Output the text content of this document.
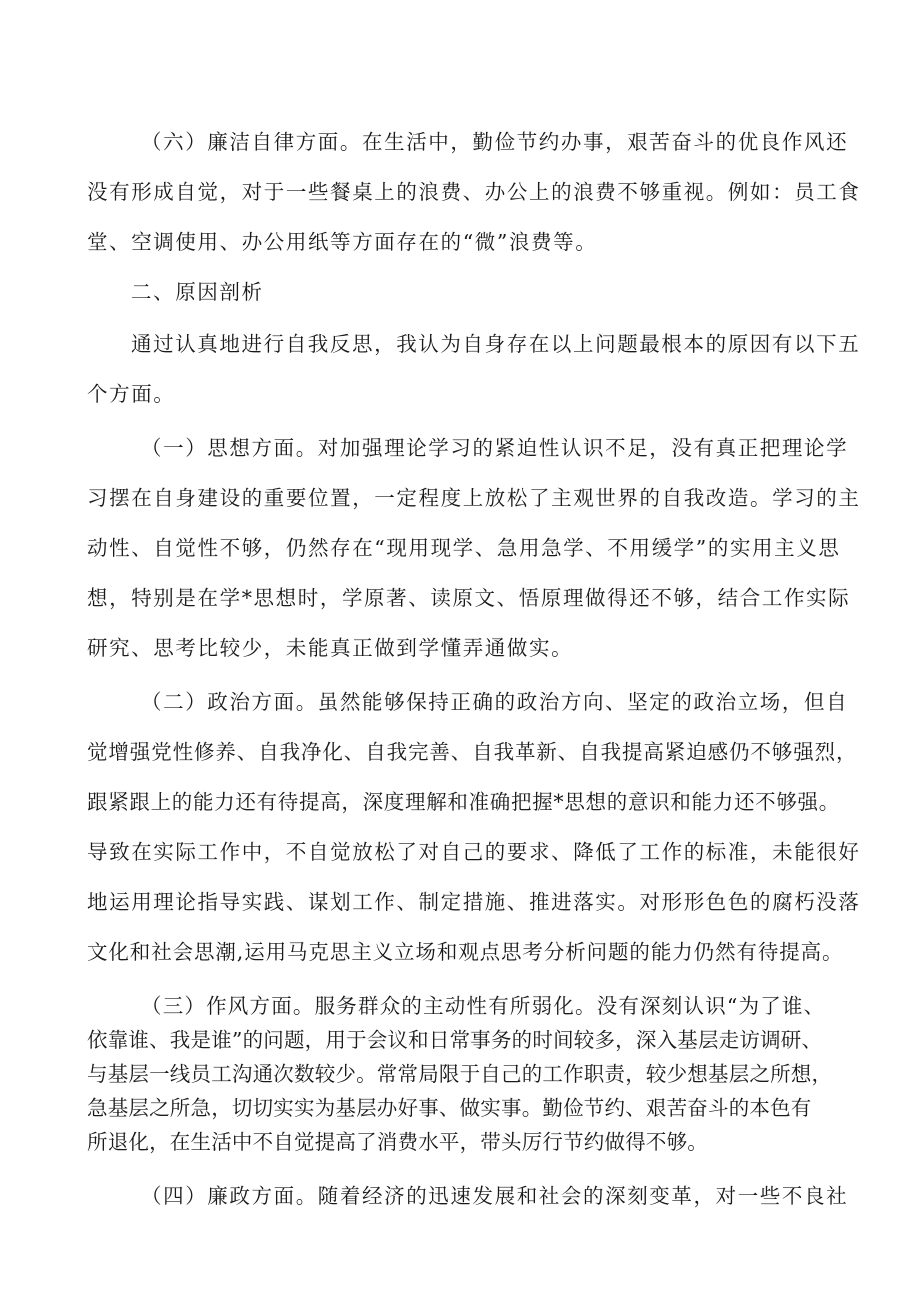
（六）廉洁自律方面。在生活中，勤俭节约办事，艰苦奋斗的优良作风还
没有形成自觉，对于一些餐桌上的浪费、办公上的浪费不够重视。例如：员工食
堂、空调使用、办公用纸等方面存在的“微”浪费等。
二、原因剖析
通过认真地进行自我反思，我认为自身存在以上问题最根本的原因有以下五
个方面。
（一）思想方面。对加强理论学习的紧迫性认识不足，没有真正把理论学
习摆在自身建设的重要位置，一定程度上放松了主观世界的自我改造。学习的主
动性、自觉性不够，仍然存在“现用现学、急用急学、不用缓学”的实用主义思
想，特别是在学*思想时，学原著、读原文、悟原理做得还不够，结合工作实际
研究、思考比较少，未能真正做到学懂弄通做实。
（二）政治方面。虽然能够保持正确的政治方向、坚定的政治立场，但自
觉增强党性修养、自我净化、自我完善、自我革新、自我提高紧迫感仍不够强烈，
跟紧跟上的能力还有待提高，深度理解和准确把握*思想的意识和能力还不够强。
导致在实际工作中，不自觉放松了对自己的要求、降低了工作的标准，未能很好
地运用理论指导实践、谋划工作、制定措施、推进落实。对形形色色的腐朽没落
文化和社会思潮,运用马克思主义立场和观点思考分析问题的能力仍然有待提高。
（三）作风方面。服务群众的主动性有所弱化。没有深刻认识“为了谁、
依靠谁、我是谁”的问题，用于会议和日常事务的时间较多，深入基层走访调研、
与基层一线员工沟通次数较少。常常局限于自己的工作职责，较少想基层之所想，
急基层之所急，切切实实为基层办好事、做实事。勤俭节约、艰苦奋斗的本色有
所退化，在生活中不自觉提高了消费水平，带头厉行节约做得不够。
（四）廉政方面。随着经济的迅速发展和社会的深刻变革，对一些不良社
